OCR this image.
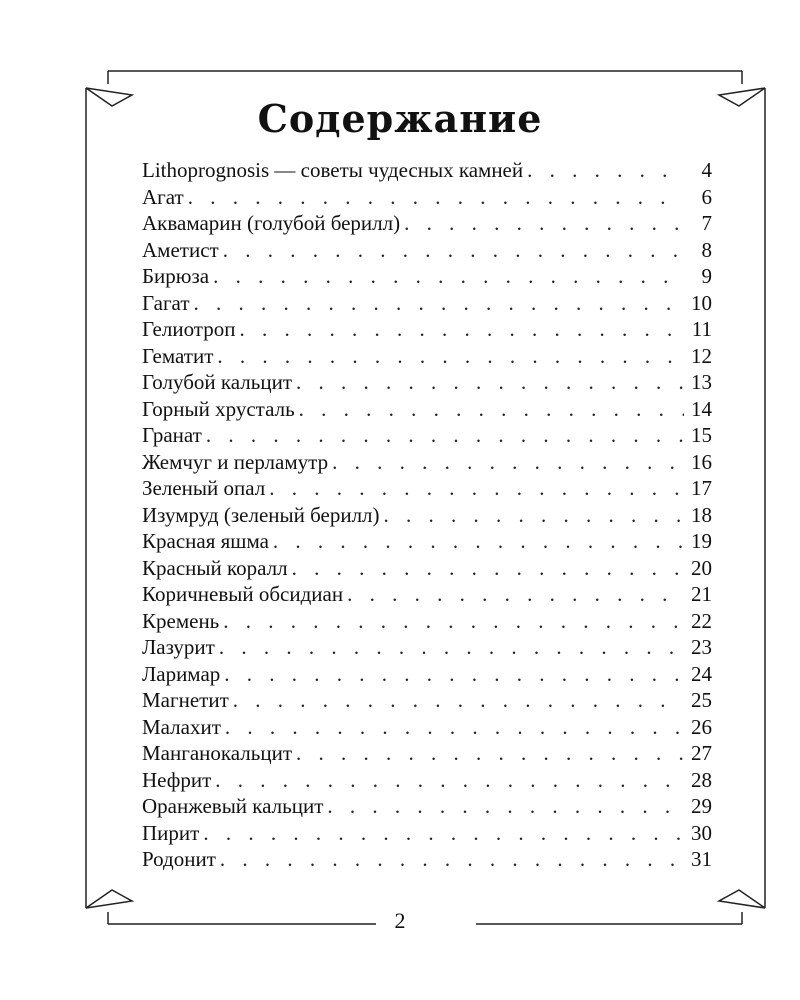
Содержание
Lithoprognosis — советы чудесных камней . . .	4
Агат . . .	6
Аквамарин (голубой берилл) . . .	7
Аметист . . .	8
Бирюза . . .	9
Гагат . . .	10
Гелиотроп . . .	11
Гематит . . .	12
Голубой кальцит . . .	13
Горный хрусталь . . .	14
Гранат . . .	15
Жемчуг и перламутр . . .	16
Зеленый опал . . .	17
Изумруд (зеленый берилл) . . .	18
Красная яшма . . .	19
Красный коралл . . .	20
Коричневый обсидиан . . .	21
Кремень . . .	22
Лазурит . . .	23
Ларимар . . .	24
Магнетит . . .	25
Малахит . . .	26
Манганокальцит . . .	27
Нефрит . . .	28
Оранжевый кальцит . . .	29
Пирит . . .	30
Родонит . . .	31
2
